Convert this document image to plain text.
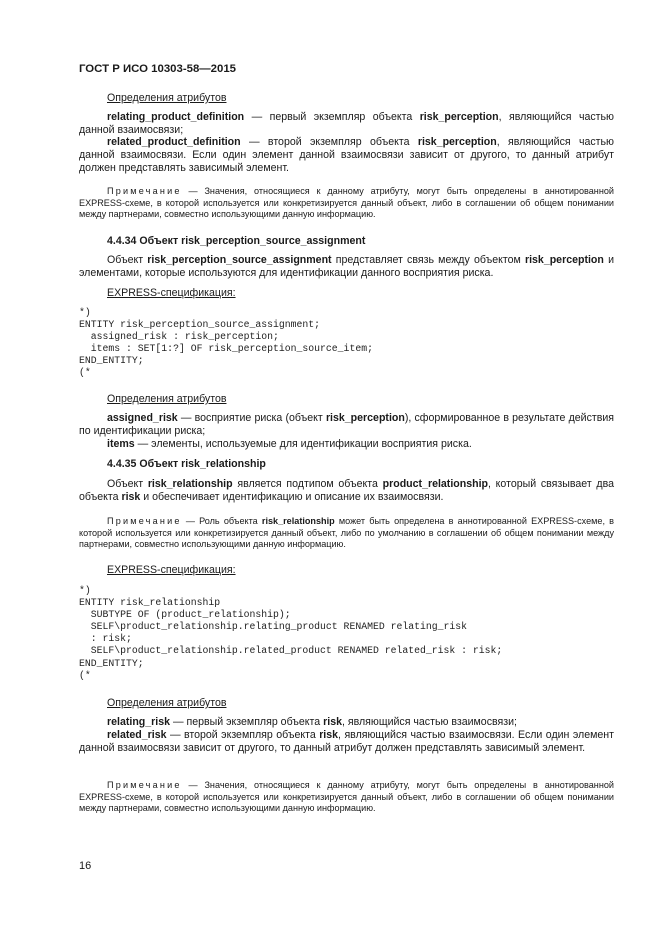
ГОСТ Р ИСО 10303-58—2015
Определения атрибутов
relating_product_definition — первый экземпляр объекта risk_perception, являющийся частью данной взаимосвязи;
related_product_definition — второй экземпляр объекта risk_perception, являющийся частью данной взаимосвязи. Если один элемент данной взаимосвязи зависит от другого, то данный атрибут должен представлять зависимый элемент.
Примечание — Значения, относящиеся к данному атрибуту, могут быть определены в аннотированной EXPRESS-схеме, в которой используется или конкретизируется данный объект, либо в соглашении об общем понимании между партнерами, совместно использующими данную информацию.
4.4.34 Объект risk_perception_source_assignment
Объект risk_perception_source_assignment представляет связь между объектом risk_perception и элементами, которые используются для идентификации данного восприятия риска.
EXPRESS-спецификация:
*)
ENTITY risk_perception_source_assignment;
assigned_risk : risk_perception;
items : SET[1:?] OF risk_perception_source_item;
END_ENTITY;
(*
Определения атрибутов
assigned_risk — восприятие риска (объект risk_perception), сформированное в результате действия по идентификации риска;
items — элементы, используемые для идентификации восприятия риска.
4.4.35 Объект risk_relationship
Объект risk_relationship является подтипом объекта product_relationship, который связывает два объекта risk и обеспечивает идентификацию и описание их взаимосвязи.
Примечание — Роль объекта risk_relationship может быть определена в аннотированной EXPRESS-схеме, в которой используется или конкретизируется данный объект, либо по умолчанию в соглашении об общем понимании между партнерами, совместно использующими данную информацию.
EXPRESS-спецификация:
*)
ENTITY risk_relationship
SUBTYPE OF (product_relationship);
SELF\product_relationship.relating_product RENAMED relating_risk
: risk;
SELF\product_relationship.related_product RENAMED related_risk : risk;
END_ENTITY;
(*
Определения атрибутов
relating_risk — первый экземпляр объекта risk, являющийся частью взаимосвязи;
related_risk — второй экземпляр объекта risk, являющийся частью взаимосвязи. Если один элемент данной взаимосвязи зависит от другого, то данный атрибут должен представлять зависимый элемент.
Примечание — Значения, относящиеся к данному атрибуту, могут быть определены в аннотированной EXPRESS-схеме, в которой используется или конкретизируется данный объект, либо в соглашении об общем понимании между партнерами, совместно использующими данную информацию.
16
